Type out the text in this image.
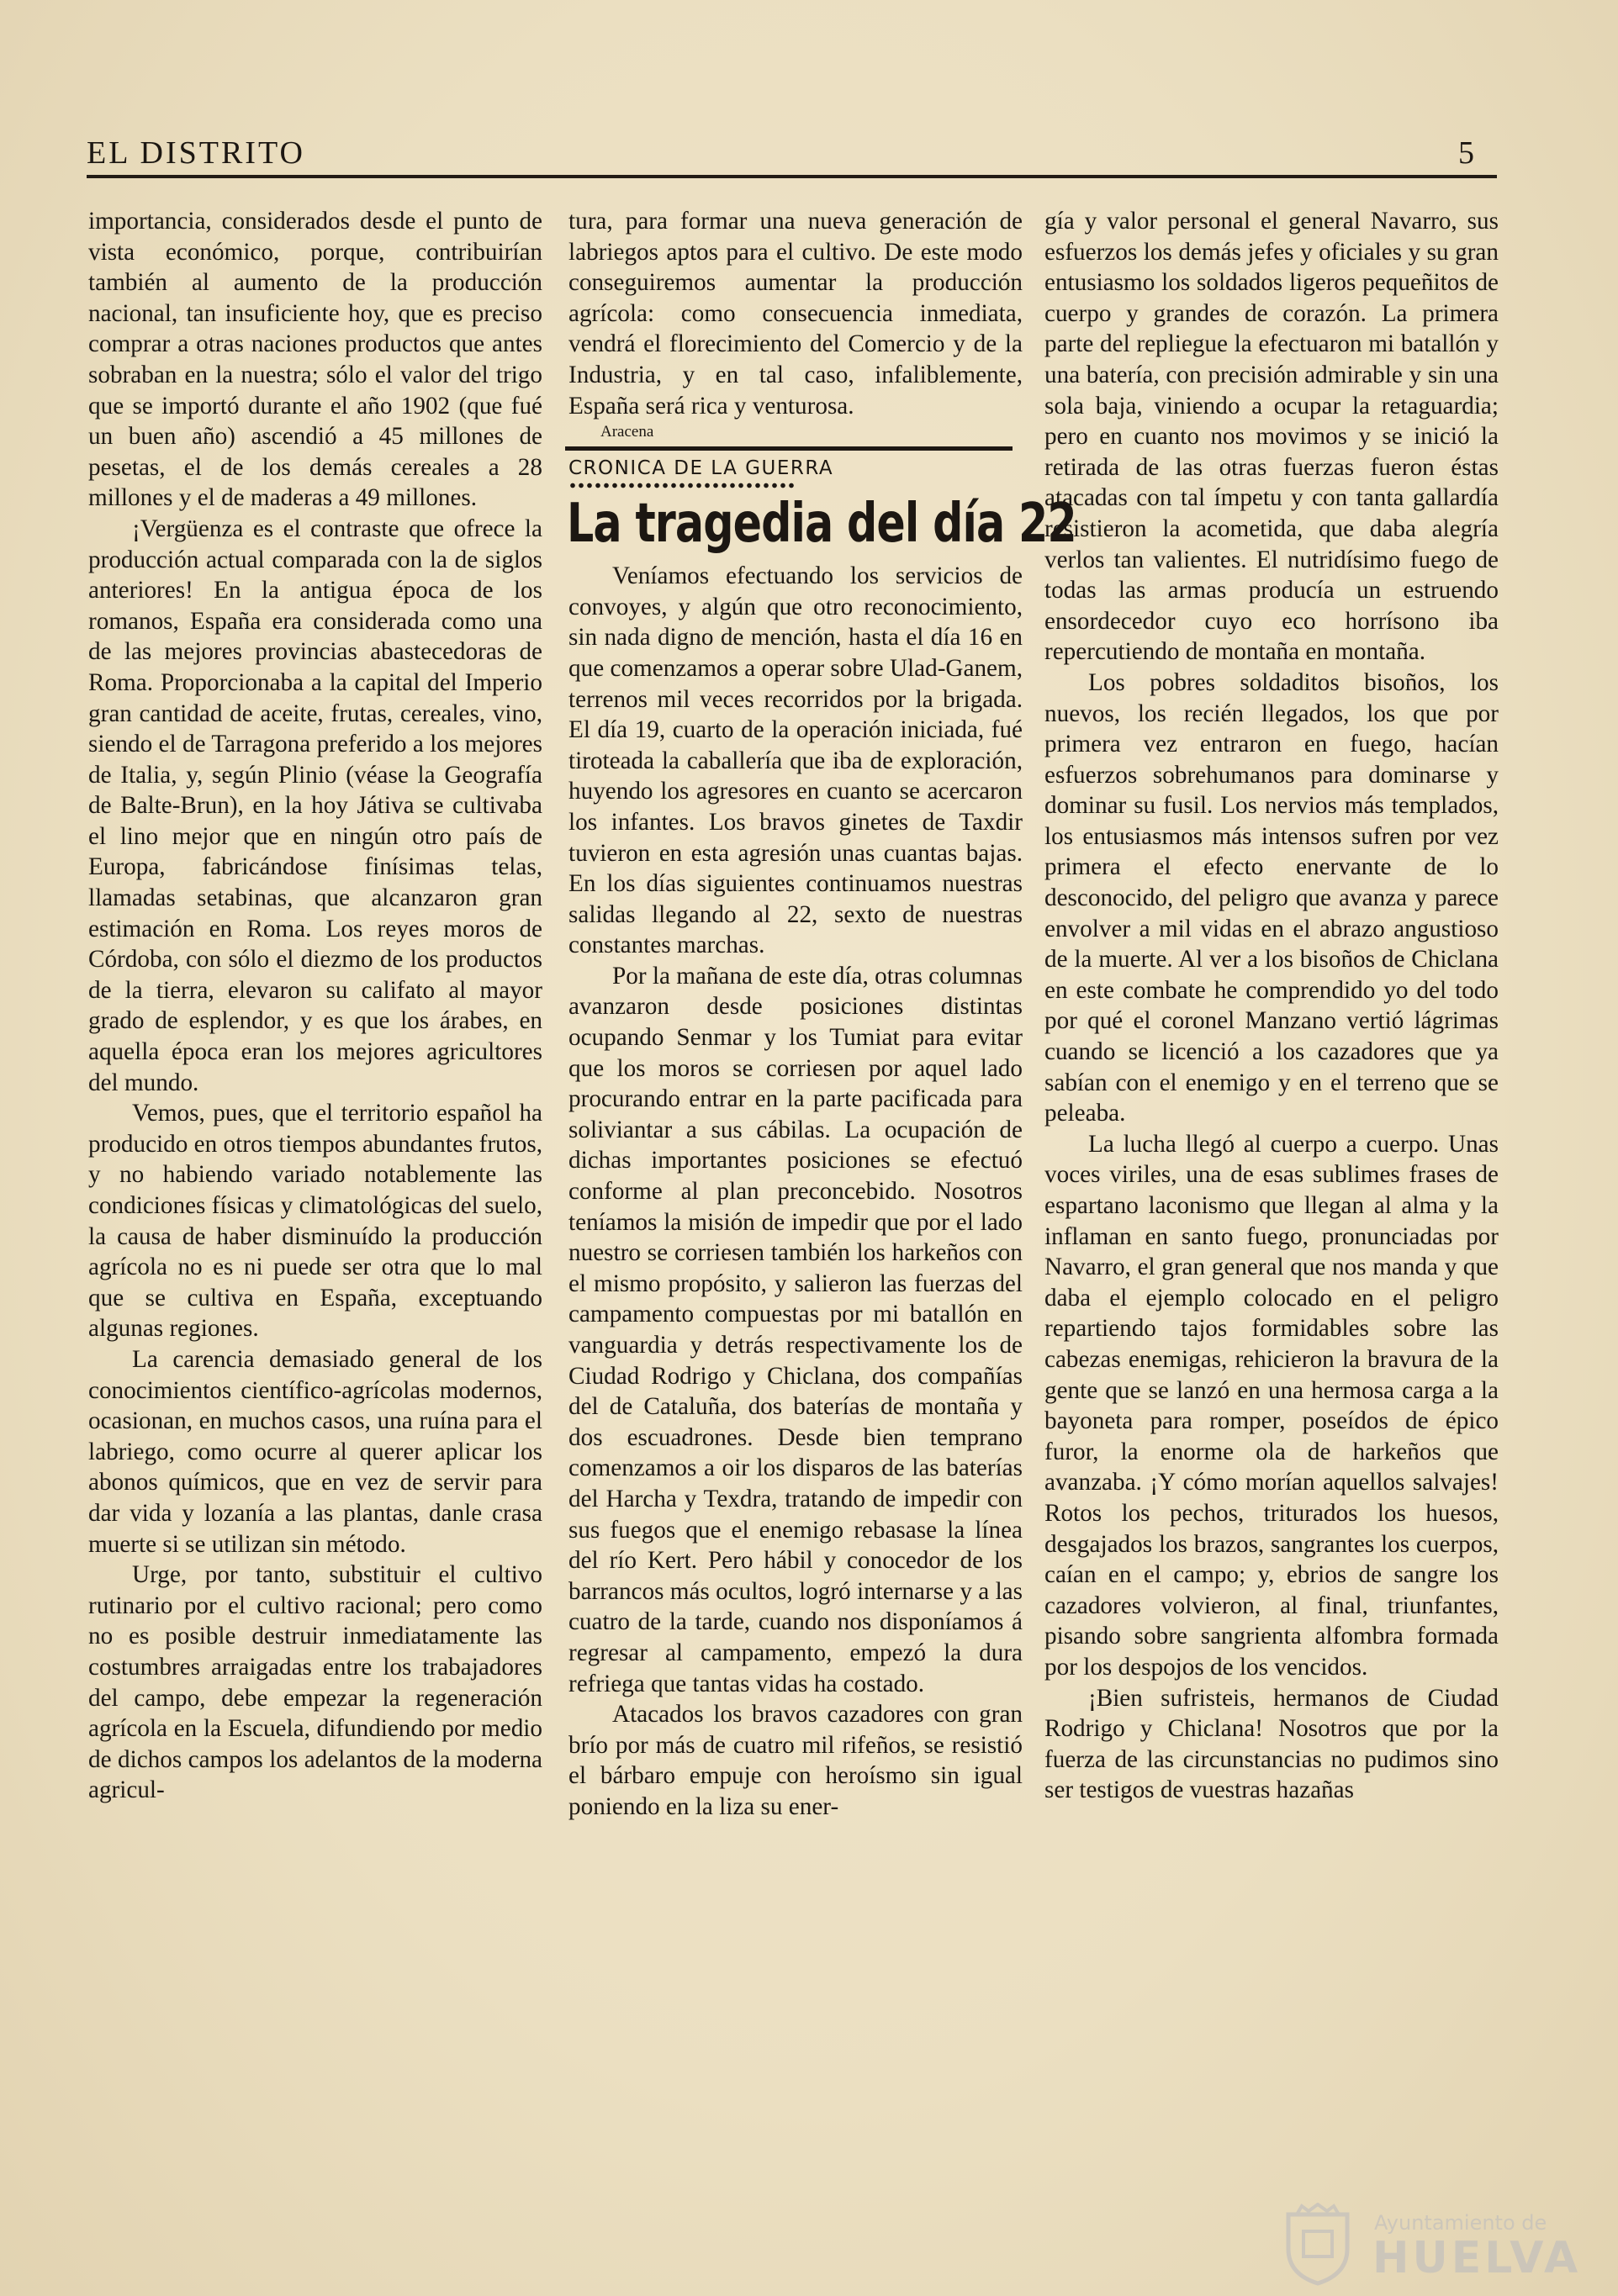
EL DISTRITO	5

importancia, considerados desde el punto de vista económico, porque, contribuirían también al aumento de la producción nacional, tan insuficiente hoy, que es preciso comprar a otras naciones productos que antes sobraban en la nuestra; sólo el valor del trigo que se importó durante el año 1902 (que fué un buen año) ascendió a 45 millones de pesetas, el de los demás cereales a 28 millones y el de maderas a 49 millones.

¡Vergüenza es el contraste que ofrece la producción actual comparada con la de siglos anteriores! En la antigua época de los romanos, España era considerada como una de las mejores provincias abastecedoras de Roma. Proporcionaba a la capital del Imperio gran cantidad de aceite, frutas, cereales, vino, siendo el de Tarragona preferido a los mejores de Italia, y, según Plinio (véase la Geografía de Balte-Brun), en la hoy Játiva se cultivaba el lino mejor que en ningún otro país de Europa, fabricándose finísimas telas, llamadas setabinas, que alcanzaron gran estimación en Roma. Los reyes moros de Córdoba, con sólo el diezmo de los productos de la tierra, elevaron su califato al mayor grado de esplendor, y es que los árabes, en aquella época eran los mejores agricultores del mundo.

Vemos, pues, que el territorio español ha producido en otros tiempos abundantes frutos, y no habiendo variado notablemente las condiciones físicas y climatológicas del suelo, la causa de haber disminuído la producción agrícola no es ni puede ser otra que lo mal que se cultiva en España, exceptuando algunas regiones.

La carencia demasiado general de los conocimientos científico-agrícolas modernos, ocasionan, en muchos casos, una ruína para el labriego, como ocurre al querer aplicar los abonos químicos, que en vez de servir para dar vida y lozanía a las plantas, danle crasa muerte si se utilizan sin método.

Urge, por tanto, substituir el cultivo rutinario por el cultivo racional; pero como no es posible destruir inmediatamente las costumbres arraigadas entre los trabajadores del campo, debe empezar la regeneración agrícola en la Escuela, difundiendo por medio de dichos campos los adelantos de la moderna agricul-

tura, para formar una nueva generación de labriegos aptos para el cultivo. De este modo conseguiremos aumentar la producción agrícola: como consecuencia inmediata, vendrá el florecimiento del Comercio y de la Industria, y en tal caso, infaliblemente, España será rica y venturosa.

Aracena
CRONICA DE LA GUERRA
La tragedia del día 22

Veníamos efectuando los servicios de convoyes, y algún que otro reconocimiento, sin nada digno de mención, hasta el día 16 en que comenzamos a operar sobre Ulad-Ganem, terrenos mil veces recorridos por la brigada. El día 19, cuarto de la operación iniciada, fué tiroteada la caballería que iba de exploración, huyendo los agresores en cuanto se acercaron los infantes. Los bravos ginetes de Taxdir tuvieron en esta agresión unas cuantas bajas. En los días siguientes continuamos nuestras salidas llegando al 22, sexto de nuestras constantes marchas.

Por la mañana de este día, otras columnas avanzaron desde posiciones distintas ocupando Senmar y los Tumiat para evitar que los moros se corriesen por aquel lado procurando entrar en la parte pacificada para soliviantar a sus cábilas. La ocupación de dichas importantes posiciones se efectuó conforme al plan preconcebido. Nosotros teníamos la misión de impedir que por el lado nuestro se corriesen también los harkeños con el mismo propósito, y salieron las fuerzas del campamento compuestas por mi batallón en vanguardia y detrás respectivamente los de Ciudad Rodrigo y Chiclana, dos compañías del de Cataluña, dos baterías de montaña y dos escuadrones. Desde bien temprano comenzamos a oir los disparos de las baterías del Harcha y Texdra, tratando de impedir con sus fuegos que el enemigo rebasase la línea del río Kert. Pero hábil y conocedor de los barrancos más ocultos, logró internarse y a las cuatro de la tarde, cuando nos disponíamos á regresar al campamento, empezó la dura refriega que tantas vidas ha costado.

Atacados los bravos cazadores con gran brío por más de cuatro mil rifeños, se resistió el bárbaro empuje con heroísmo sin igual poniendo en la liza su ener-

gía y valor personal el general Navarro, sus esfuerzos los demás jefes y oficiales y su gran entusiasmo los soldados ligeros pequeñitos de cuerpo y grandes de corazón. La primera parte del repliegue la efectuaron mi batallón y una batería, con precisión admirable y sin una sola baja, viniendo a ocupar la retaguardia; pero en cuanto nos movimos y se inició la retirada de las otras fuerzas fueron éstas atacadas con tal ímpetu y con tanta gallardía resistieron la acometida, que daba alegría verlos tan valientes. El nutridísimo fuego de todas las armas producía un estruendo ensordecedor cuyo eco horrísono iba repercutiendo de montaña en montaña.

Los pobres soldaditos bisoños, los nuevos, los recién llegados, los que por primera vez entraron en fuego, hacían esfuerzos sobrehumanos para dominarse y dominar su fusil. Los nervios más templados, los entusiasmos más intensos sufren por vez primera el efecto enervante de lo desconocido, del peligro que avanza y parece envolver a mil vidas en el abrazo angustioso de la muerte. Al ver a los bisoños de Chiclana en este combate he comprendido yo del todo por qué el coronel Manzano vertió lágrimas cuando se licenció a los cazadores que ya sabían con el enemigo y en el terreno que se peleaba.

La lucha llegó al cuerpo a cuerpo. Unas voces viriles, una de esas sublimes frases de espartano laconismo que llegan al alma y la inflaman en santo fuego, pronunciadas por Navarro, el gran general que nos manda y que daba el ejemplo colocado en el peligro repartiendo tajos formidables sobre las cabezas enemigas, rehicieron la bravura de la gente que se lanzó en una hermosa carga a la bayoneta para romper, poseídos de épico furor, la enorme ola de harkeños que avanzaba. ¡Y cómo morían aquellos salvajes! Rotos los pechos, triturados los huesos, desgajados los brazos, sangrantes los cuerpos, caían en el campo; y, ebrios de sangre los cazadores volvieron, al final, triunfantes, pisando sobre sangrienta alfombra formada por los despojos de los vencidos.

¡Bien sufristeis, hermanos de Ciudad Rodrigo y Chiclana! Nosotros que por la fuerza de las circunstancias no pudimos sino ser testigos de vuestras hazañas

Ayuntamiento de
HUELVA
